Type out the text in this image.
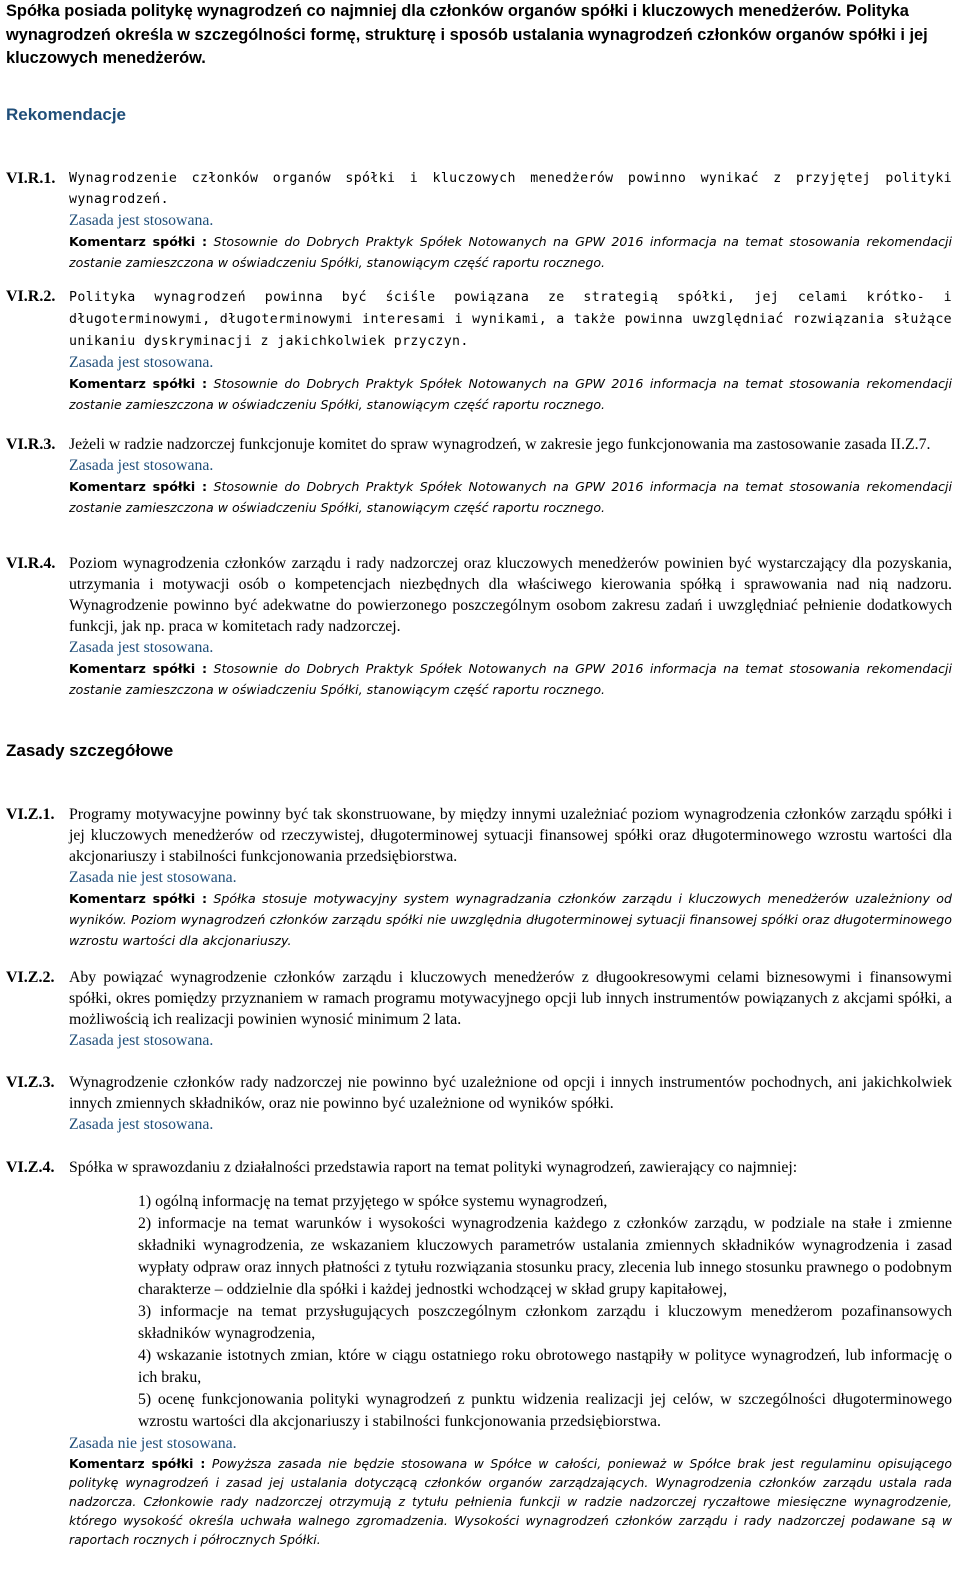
Spółka posiada politykę wynagrodzeń co najmniej dla członków organów spółki i kluczowych menedżerów. Polityka wynagrodzeń określa w szczególności formę, strukturę i sposób ustalania wynagrodzeń członków organów spółki i jej kluczowych menedżerów.
Rekomendacje
VI.R.1. Wynagrodzenie członków organów spółki i kluczowych menedżerów powinno wynikać z przyjętej polityki wynagrodzeń.
Zasada jest stosowana.
Komentarz spółki : Stosownie do Dobrych Praktyk Spółek Notowanych na GPW 2016 informacja na temat stosowania rekomendacji zostanie zamieszczona w oświadczeniu Spółki, stanowiącym część raportu rocznego.
VI.R.2. Polityka wynagrodzeń powinna być ściśle powiązana ze strategią spółki, jej celami krótko- i długoterminowymi, długoterminowymi interesami i wynikami, a także powinna uwzględniać rozwiązania służące unikaniu dyskryminacji z jakichkolwiek przyczyn.
Zasada jest stosowana.
Komentarz spółki : Stosownie do Dobrych Praktyk Spółek Notowanych na GPW 2016 informacja na temat stosowania rekomendacji zostanie zamieszczona w oświadczeniu Spółki, stanowiącym część raportu rocznego.
VI.R.3. Jeżeli w radzie nadzorczej funkcjonuje komitet do spraw wynagrodzeń, w zakresie jego funkcjonowania ma zastosowanie zasada II.Z.7.
Zasada jest stosowana.
Komentarz spółki : Stosownie do Dobrych Praktyk Spółek Notowanych na GPW 2016 informacja na temat stosowania rekomendacji zostanie zamieszczona w oświadczeniu Spółki, stanowiącym część raportu rocznego.
VI.R.4. Poziom wynagrodzenia członków zarządu i rady nadzorczej oraz kluczowych menedżerów powinien być wystarczający dla pozyskania, utrzymania i motywacji osób o kompetencjach niezbędnych dla właściwego kierowania spółką i sprawowania nad nią nadzoru. Wynagrodzenie powinno być adekwatne do powierzonego poszczególnym osobom zakresu zadań i uwzględniać pełnienie dodatkowych funkcji, jak np. praca w komitetach rady nadzorczej.
Zasada jest stosowana.
Komentarz spółki : Stosownie do Dobrych Praktyk Spółek Notowanych na GPW 2016 informacja na temat stosowania rekomendacji zostanie zamieszczona w oświadczeniu Spółki, stanowiącym część raportu rocznego.
Zasady szczegółowe
VI.Z.1. Programy motywacyjne powinny być tak skonstruowane, by między innymi uzależniać poziom wynagrodzenia członków zarządu spółki i jej kluczowych menedżerów od rzeczywistej, długoterminowej sytuacji finansowej spółki oraz długoterminowego wzrostu wartości dla akcjonariuszy i stabilności funkcjonowania przedsiębiorstwa.
Zasada nie jest stosowana.
Komentarz spółki : Spółka stosuje motywacyjny system wynagradzania członków zarządu i kluczowych menedżerów uzależniony od wyników. Poziom wynagrodzeń członków zarządu spółki nie uwzględnia długoterminowej sytuacji finansowej spółki oraz długoterminowego wzrostu wartości dla akcjonariuszy.
VI.Z.2. Aby powiązać wynagrodzenie członków zarządu i kluczowych menedżerów z długookresowymi celami biznesowymi i finansowymi spółki, okres pomiędzy przyznaniem w ramach programu motywacyjnego opcji lub innych instrumentów powiązanych z akcjami spółki, a możliwością ich realizacji powinien wynosić minimum 2 lata.
Zasada jest stosowana.
VI.Z.3. Wynagrodzenie członków rady nadzorczej nie powinno być uzależnione od opcji i innych instrumentów pochodnych, ani jakichkolwiek innych zmiennych składników, oraz nie powinno być uzależnione od wyników spółki.
Zasada jest stosowana.
VI.Z.4. Spółka w sprawozdaniu z działalności przedstawia raport na temat polityki wynagrodzeń, zawierający co najmniej:
1) ogólną informację na temat przyjętego w spółce systemu wynagrodzeń,
2) informacje na temat warunków i wysokości wynagrodzenia każdego z członków zarządu, w podziale na stałe i zmienne składniki wynagrodzenia, ze wskazaniem kluczowych parametrów ustalania zmiennych składników wynagrodzenia i zasad wypłaty odpraw oraz innych płatności z tytułu rozwiązania stosunku pracy, zlecenia lub innego stosunku prawnego o podobnym charakterze – oddzielnie dla spółki i każdej jednostki wchodzącej w skład grupy kapitałowej,
3) informacje na temat przysługujących poszczególnym członkom zarządu i kluczowym menedżerom pozafinansowych składników wynagrodzenia,
4) wskazanie istotnych zmian, które w ciągu ostatniego roku obrotowego nastąpiły w polityce wynagrodzeń, lub informację o ich braku,
5) ocenę funkcjonowania polityki wynagrodzeń z punktu widzenia realizacji jej celów, w szczególności długoterminowego wzrostu wartości dla akcjonariuszy i stabilności funkcjonowania przedsiębiorstwa.
Zasada nie jest stosowana.
Komentarz spółki : Powyższa zasada nie będzie stosowana w Spółce w całości, ponieważ w Spółce brak jest regulaminu opisującego politykę wynagrodzeń i zasad jej ustalania dotyczącą członków organów zarządzających. Wynagrodzenia członków zarządu ustala rada nadzorcza. Członkowie rady nadzorczej otrzymują z tytułu pełnienia funkcji w radzie nadzorczej ryczałtowe miesięczne wynagrodzenie, którego wysokość określa uchwała walnego zgromadzenia. Wysokości wynagrodzeń członków zarządu i rady nadzorczej podawane są w raportach rocznych i półrocznych Spółki.
